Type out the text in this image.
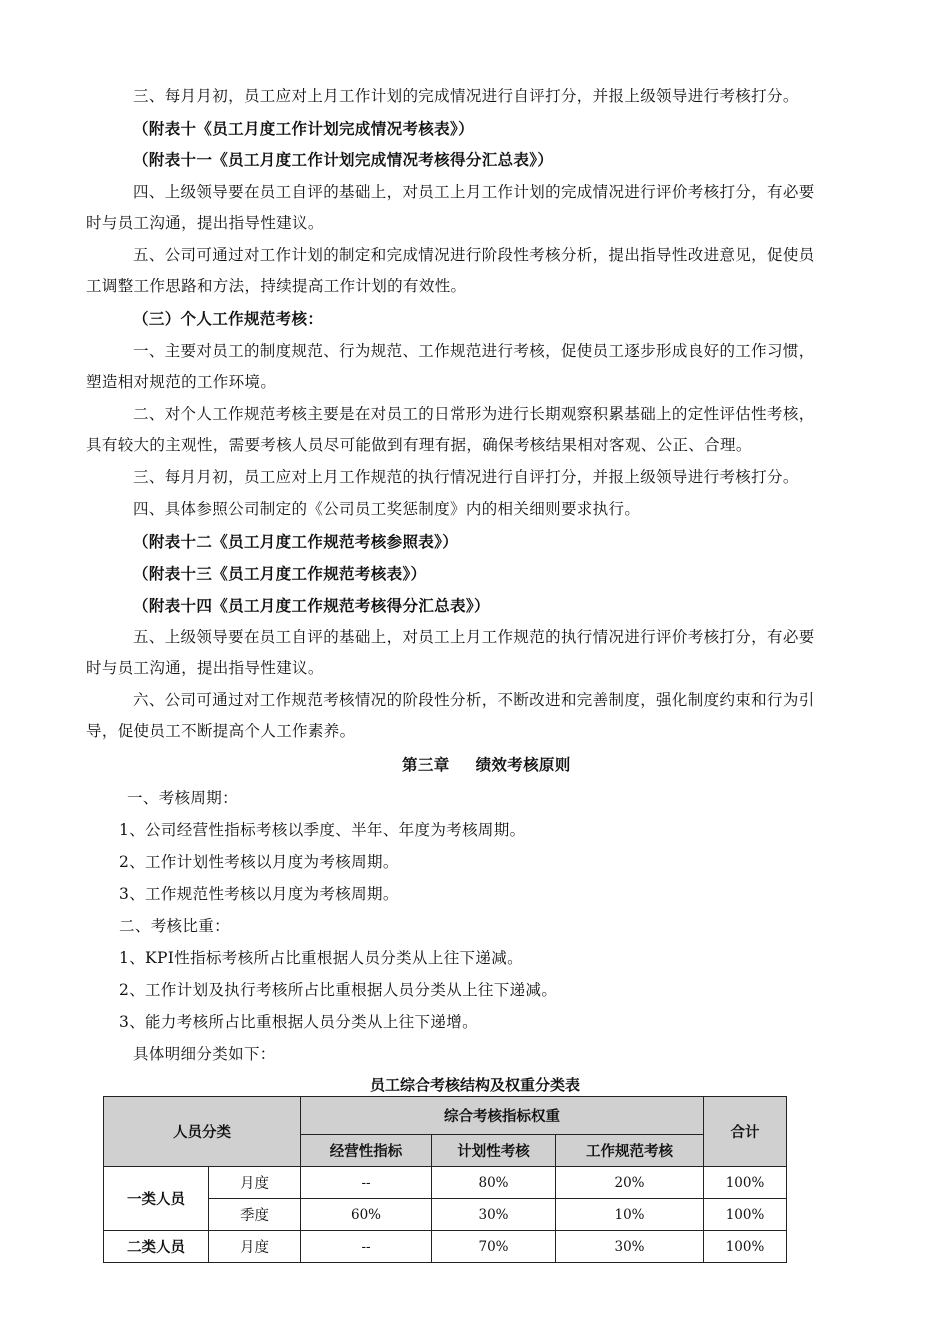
三、每月月初，员工应对上月工作计划的完成情况进行自评打分，并报上级领导进行考核打分。
（附表十《员工月度工作计划完成情况考核表》）
（附表十一《员工月度工作计划完成情况考核得分汇总表》）
四、上级领导要在员工自评的基础上，对员工上月工作计划的完成情况进行评价考核打分，有必要
时与员工沟通，提出指导性建议。
五、公司可通过对工作计划的制定和完成情况进行阶段性考核分析，提出指导性改进意见，促使员
工调整工作思路和方法，持续提高工作计划的有效性。
（三）个人工作规范考核：
一、主要对员工的制度规范、行为规范、工作规范进行考核，促使员工逐步形成良好的工作习惯，
塑造相对规范的工作环境。
二、对个人工作规范考核主要是在对员工的日常形为进行长期观察积累基础上的定性评估性考核，
具有较大的主观性，需要考核人员尽可能做到有理有据，确保考核结果相对客观、公正、合理。
三、每月月初，员工应对上月工作规范的执行情况进行自评打分，并报上级领导进行考核打分。
四、具体参照公司制定的《公司员工奖惩制度》内的相关细则要求执行。
（附表十二《员工月度工作规范考核参照表》）
（附表十三《员工月度工作规范考核表》）
（附表十四《员工月度工作规范考核得分汇总表》）
五、上级领导要在员工自评的基础上，对员工上月工作规范的执行情况进行评价考核打分，有必要
时与员工沟通，提出指导性建议。
六、公司可通过对工作规范考核情况的阶段性分析，不断改进和完善制度，强化制度约束和行为引
导，促使员工不断提高个人工作素养。
第三章 绩效考核原则
一、考核周期：
1、公司经营性指标考核以季度、半年、年度为考核周期。
2、工作计划性考核以月度为考核周期。
3、工作规范性考核以月度为考核周期。
二、考核比重：
1、KPI性指标考核所占比重根据人员分类从上往下递减。
2、工作计划及执行考核所占比重根据人员分类从上往下递减。
3、能力考核所占比重根据人员分类从上往下递增。
具体明细分类如下：
员工综合考核结构及权重分类表
人员分类		综合考核指标权重			合计
		经营性指标	计划性考核	工作规范考核	
一类人员	月度	--	80%	20%	100%
	季度	60%	30%	10%	100%
二类人员	月度	--	70%	30%	100%
